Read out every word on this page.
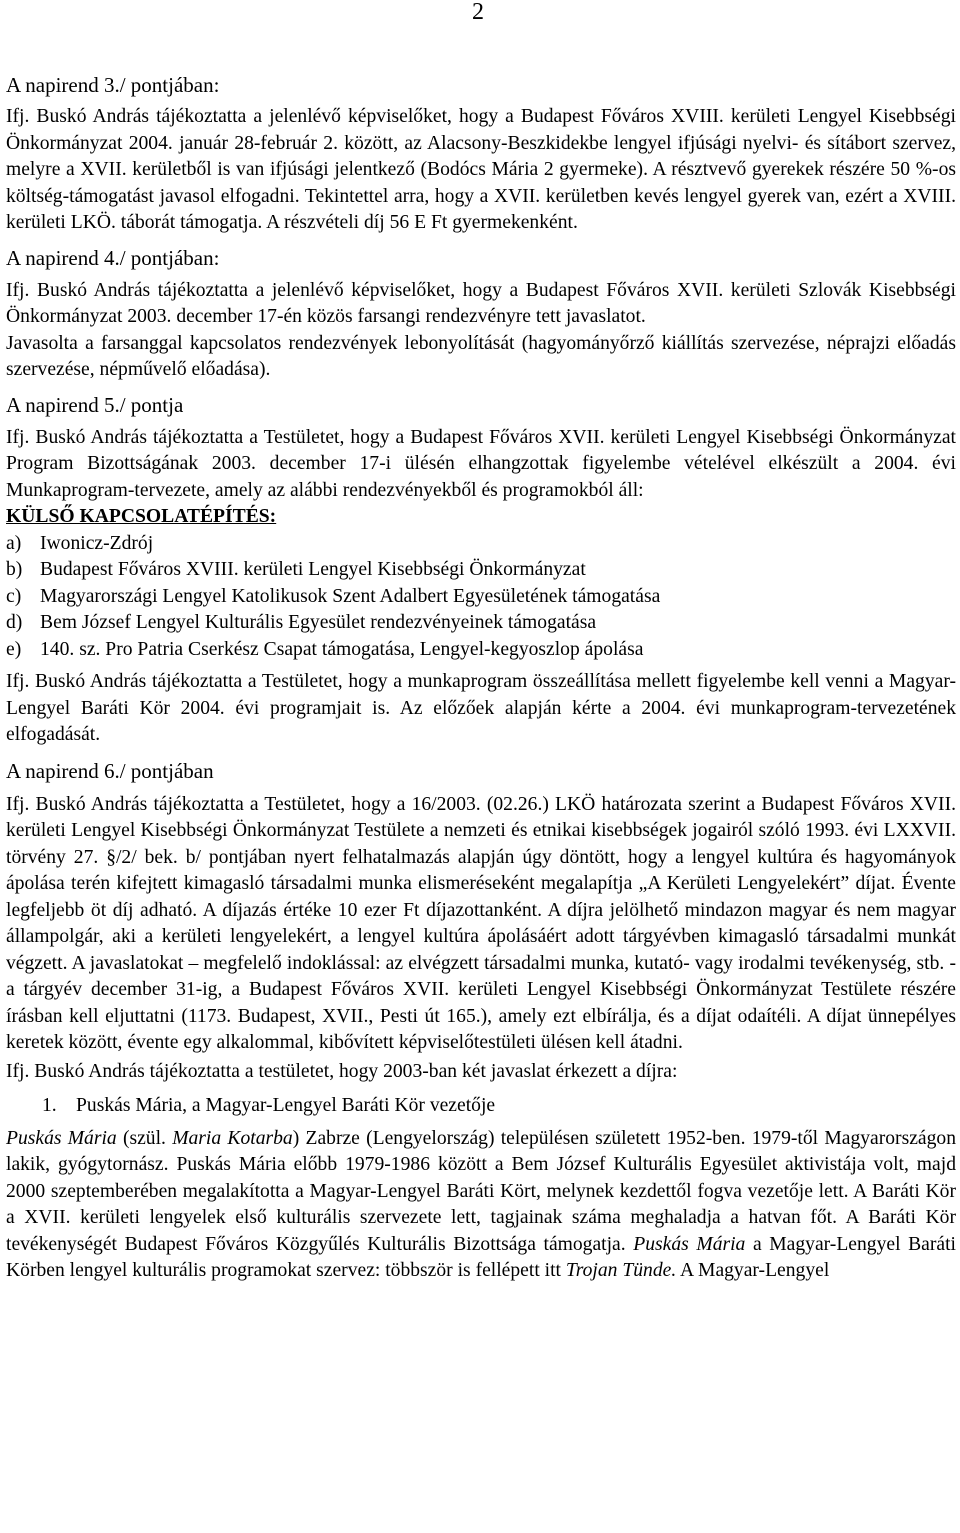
2
A napirend 3./ pontjában:

Ifj. Buskó András tájékoztatta a jelenlévő képviselőket, hogy a Budapest Főváros XVIII. kerületi Lengyel Kisebbségi Önkormányzat 2004. január 28-február 2. között, az Alacsony-Beszkidekbe lengyel ifjúsági nyelvi- és sítábort szervez, melyre a XVII. kerületből is van ifjúsági jelentkező (Bodócs Mária 2 gyermeke). A résztvevő gyerekek részére 50 %-os költség-támogatást javasol elfogadni. Tekintettel arra, hogy a XVII. kerületben kevés lengyel gyerek van, ezért a XVIII. kerületi LKÖ. táborát támogatja. A részvételi díj 56 E Ft gyermekenként.

A napirend 4./ pontjában:

Ifj. Buskó András tájékoztatta a jelenlévő képviselőket, hogy a Budapest Főváros XVII. kerületi Szlovák Kisebbségi Önkormányzat 2003. december 17-én közös farsangi rendezvényre tett javaslatot.

Javasolta a farsanggal kapcsolatos rendezvények lebonyolítását (hagyományőrző kiállítás szervezése, néprajzi előadás szervezése, népművelő előadása).

A napirend 5./ pontja

Ifj. Buskó András tájékoztatta a Testületet, hogy a Budapest Főváros XVII. kerületi Lengyel Kisebbségi Önkormányzat Program Bizottságának 2003. december 17-i ülésén elhangzottak figyelembe vételével elkészült a 2004. évi Munkaprogram-tervezete, amely az alábbi rendezvényekből és programokból áll:

KÜLSŐ KAPCSOLATÉPÍTÉS:

a) Iwonicz-Zdrój
b) Budapest Főváros XVIII. kerületi Lengyel Kisebbségi Önkormányzat
c) Magyarországi Lengyel Katolikusok Szent Adalbert Egyesületének támogatása
d) Bem József Lengyel Kulturális Egyesület rendezvényeinek támogatása
e) 140. sz. Pro Patria Cserkész Csapat támogatása, Lengyel-kegyoszlop ápolása

Ifj. Buskó András tájékoztatta a Testületet, hogy a munkaprogram összeállítása mellett figyelembe kell venni a Magyar-Lengyel Baráti Kör 2004. évi programjait is. Az előzőek alapján kérte a 2004. évi munkaprogram-tervezetének elfogadását.

A napirend 6./ pontjában

Ifj. Buskó András tájékoztatta a Testületet, hogy a 16/2003. (02.26.) LKÖ határozata szerint a Budapest Főváros XVII. kerületi Lengyel Kisebbségi Önkormányzat Testülete a nemzeti és etnikai kisebbségek jogairól szóló 1993. évi LXXVII. törvény 27. §/2/ bek. b/ pontjában nyert felhatalmazás alapján úgy döntött, hogy a lengyel kultúra és hagyományok ápolása terén kifejtett kimagasló társadalmi munka elismeréseként megalapítja „A Kerületi Lengyelekért” díjat. Évente legfeljebb öt díj adható. A díjazás értéke 10 ezer Ft díjazottanként. A díjra jelölhető mindazon magyar és nem magyar állampolgár, aki a kerületi lengyelekért, a lengyel kultúra ápolásáért adott tárgyévben kimagasló társadalmi munkát végzett. A javaslatokat – megfelelő indoklással: az elvégzett társadalmi munka, kutató- vagy irodalmi tevékenység, stb. - a tárgyév december 31-ig, a Budapest Főváros XVII. kerületi Lengyel Kisebbségi Önkormányzat Testülete részére írásban kell eljuttatni (1173. Budapest, XVII., Pesti út 165.), amely ezt elbírálja, és a díjat odaítéli. A díjat ünnepélyes keretek között, évente egy alkalommal, kibővített képviselőtestületi ülésen kell átadni.

Ifj. Buskó András tájékoztatta a testületet, hogy 2003-ban két javaslat érkezett a díjra:

1. Puskás Mária, a Magyar-Lengyel Baráti Kör vezetője

Puskás Mária (szül. Maria Kotarba) Zabrze (Lengyelország) településen született 1952-ben. 1979-től Magyarországon lakik, gyógytornász. Puskás Mária előbb 1979-1986 között a Bem József Kulturális Egyesület aktivistája volt, majd 2000 szeptemberében megalakította a Magyar-Lengyel Baráti Kört, melynek kezdettől fogva vezetője lett. A Baráti Kör a XVII. kerületi lengyelek első kulturális szervezete lett, tagjainak száma meghaladja a hatvan főt. A Baráti Kör tevékenységét Budapest Főváros Közgyűlés Kulturális Bizottsága támogatja. Puskás Mária a Magyar-Lengyel Baráti Körben lengyel kulturális programokat szervez: többször is fellépett itt Trojan Tünde. A Magyar-Lengyel
